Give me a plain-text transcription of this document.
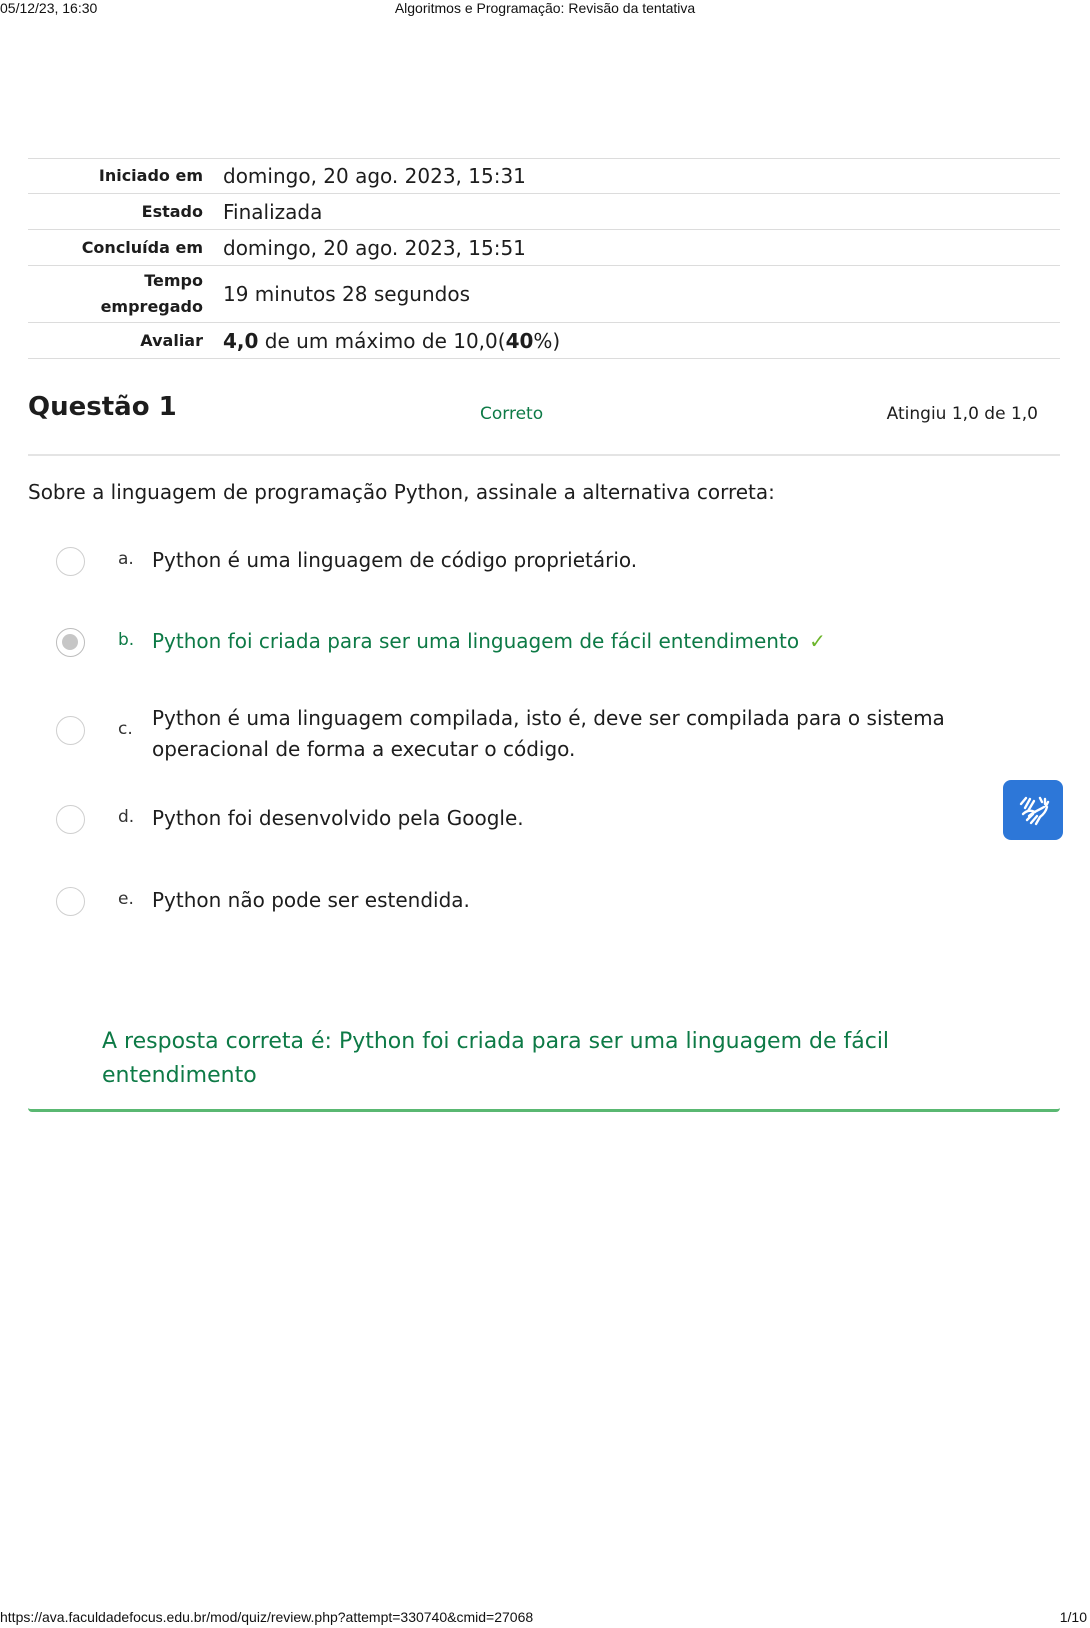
05/12/23, 16:30	Algoritmos e Programação: Revisão da tentativa
Iniciado em	domingo, 20 ago. 2023, 15:31
Estado	Finalizada
Concluída em	domingo, 20 ago. 2023, 15:51
Tempo
empregado	19 minutos 28 segundos
Avaliar	4,0 de um máximo de 10,0(40%)
Questão 1	Correto	Atingiu 1,0 de 1,0
Sobre a linguagem de programação Python, assinale a alternativa correta:
a. Python é uma linguagem de código proprietário.
b. Python foi criada para ser uma linguagem de fácil entendimento ✓
c. Python é uma linguagem compilada, isto é, deve ser compilada para o sistema operacional de forma a executar o código.
d. Python foi desenvolvido pela Google.
e. Python não pode ser estendida.
A resposta correta é: Python foi criada para ser uma linguagem de fácil entendimento
https://ava.faculdadefocus.edu.br/mod/quiz/review.php?attempt=330740&cmid=27068	1/10
